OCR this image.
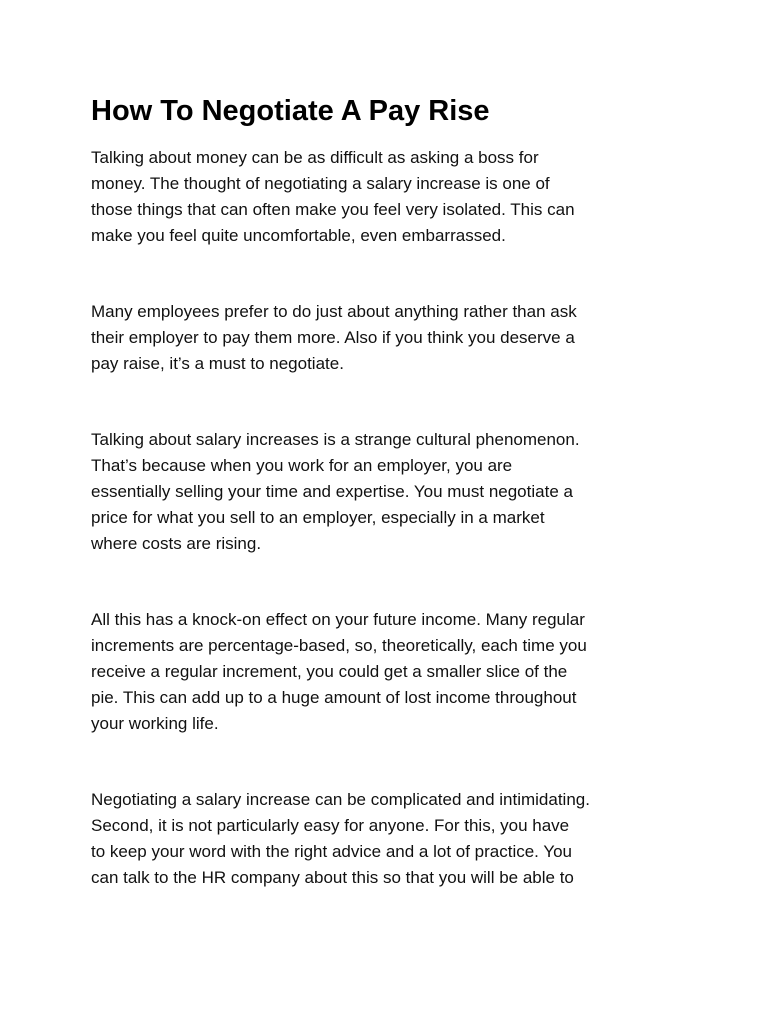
How To Negotiate A Pay Rise

Talking about money can be as difficult as asking a boss for
money. The thought of negotiating a salary increase is one of
those things that can often make you feel very isolated. This can
make you feel quite uncomfortable, even embarrassed.

Many employees prefer to do just about anything rather than ask
their employer to pay them more. Also if you think you deserve a
pay raise, it’s a must to negotiate.

Talking about salary increases is a strange cultural phenomenon.
That’s because when you work for an employer, you are
essentially selling your time and expertise. You must negotiate a
price for what you sell to an employer, especially in a market
where costs are rising.

All this has a knock-on effect on your future income. Many regular
increments are percentage-based, so, theoretically, each time you
receive a regular increment, you could get a smaller slice of the
pie. This can add up to a huge amount of lost income throughout
your working life.

Negotiating a salary increase can be complicated and intimidating.
Second, it is not particularly easy for anyone. For this, you have
to keep your word with the right advice and a lot of practice. You
can talk to the HR company about this so that you will be able to
